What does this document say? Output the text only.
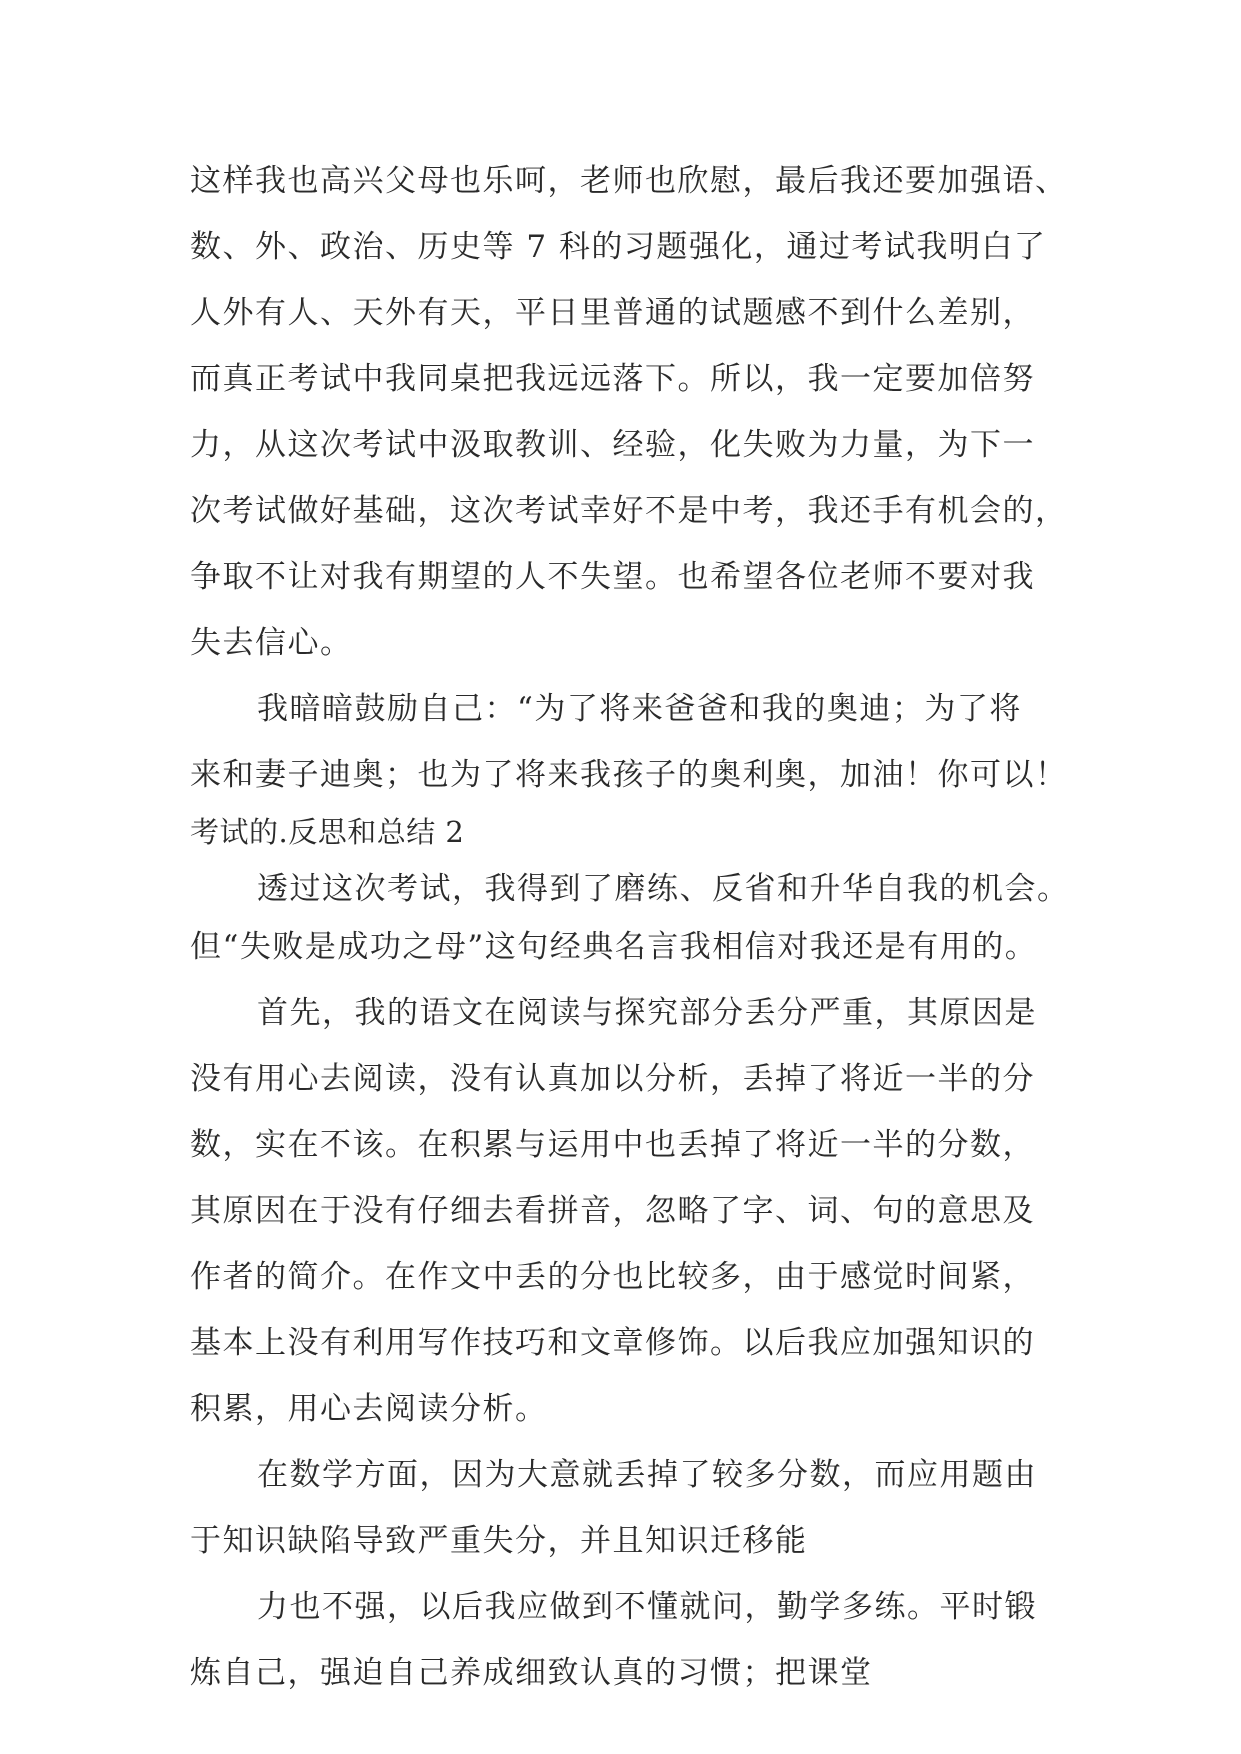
这样我也高兴父母也乐呵，老师也欣慰，最后我还要加强语、
数、外、政治、历史等 7 科的习题强化，通过考试我明白了
人外有人、天外有天，平日里普通的试题感不到什么差别，
而真正考试中我同桌把我远远落下。所以，我一定要加倍努
力，从这次考试中汲取教训、经验，化失败为力量，为下一
次考试做好基础，这次考试幸好不是中考，我还手有机会的，
争取不让对我有期望的人不失望。也希望各位老师不要对我
失去信心。
我暗暗鼓励自己：“为了将来爸爸和我的奥迪；为了将
来和妻子迪奥；也为了将来我孩子的奥利奥，加油！你可以！
考试的.反思和总结 2
透过这次考试，我得到了磨练、反省和升华自我的机会。
但“失败是成功之母”这句经典名言我相信对我还是有用的。
首先，我的语文在阅读与探究部分丢分严重，其原因是
没有用心去阅读，没有认真加以分析，丢掉了将近一半的分
数，实在不该。在积累与运用中也丢掉了将近一半的分数，
其原因在于没有仔细去看拼音，忽略了字、词、句的意思及
作者的简介。在作文中丢的分也比较多，由于感觉时间紧，
基本上没有利用写作技巧和文章修饰。以后我应加强知识的
积累，用心去阅读分析。
在数学方面，因为大意就丢掉了较多分数，而应用题由
于知识缺陷导致严重失分，并且知识迁移能
力也不强，以后我应做到不懂就问，勤学多练。平时锻
炼自己，强迫自己养成细致认真的习惯；把课堂
